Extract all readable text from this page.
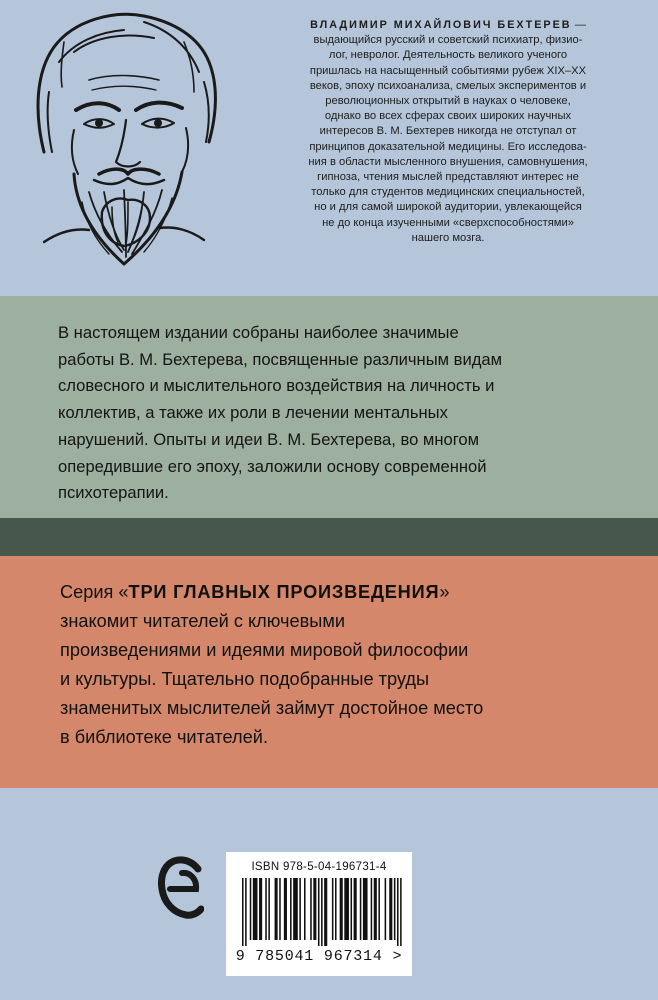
ВЛАДИМИР МИХАЙЛОВИЧ БЕХТЕРЕВ —
выдающийся русский и советский психиатр, физио-
лог, невролог. Деятельность великого ученого
пришлась на насыщенный событиями рубеж XIX–XX
веков, эпоху психоанализа, смелых экспериментов и
революционных открытий в науках о человеке,
однако во всех сферах своих широких научных
интересов В. М. Бехтерев никогда не отступал от
принципов доказательной медицины. Его исследова-
ния в области мысленного внушения, самовнушения,
гипноза, чтения мыслей представляют интерес не
только для студентов медицинских специальностей,
но и для самой широкой аудитории, увлекающейся
не до конца изученными «сверхспособностями»
нашего мозга.
В настоящем издании собраны наиболее значимые
работы В. М. Бехтерева, посвященные различным видам
словесного и мыслительного воздействия на личность и
коллектив, а также их роли в лечении ментальных
нарушений. Опыты и идеи В. М. Бехтерева, во многом
опередившие его эпоху, заложили основу современной
психотерапии.
Серия «ТРИ ГЛАВНЫХ ПРОИЗВЕДЕНИЯ»
знакомит читателей с ключевыми
произведениями и идеями мировой философии
и культуры. Тщательно подобранные труды
знаменитых мыслителей займут достойное место
в библиотеке читателей.
ISBN 978-5-04-196731-4
9 785041 967314 >
